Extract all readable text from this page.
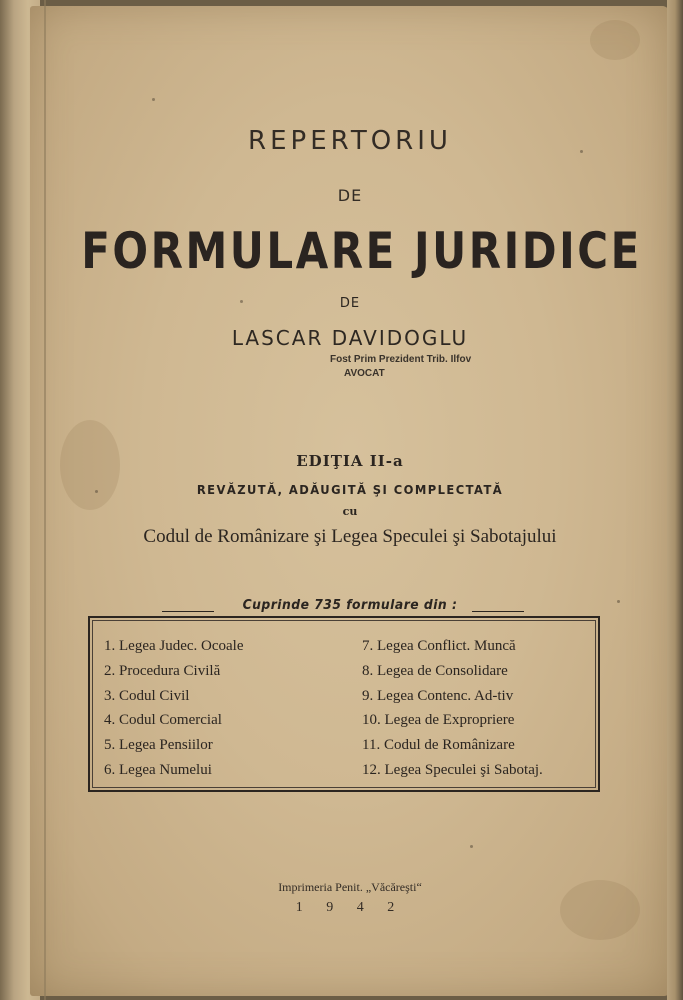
REPERTORIU
DE
FORMULARE JURIDICE
DE
LASCAR DAVIDOGLU
Fost Prim Prezident Trib. Ilfov
AVOCAT
EDIŢIA II-a
REVĂZUTĂ, ADĂUGITĂ ŞI COMPLECTATĂ
cu
Codul de Românizare şi Legea Speculei şi Sabotajului
Cuprinde 735 formulare din :
1. Legea Judec. Ocoale
2. Procedura Civilă
3. Codul Civil
4. Codul Comercial
5. Legea Pensiilor
6. Legea Numelui
7. Legea Conflict. Muncă
8. Legea de Consolidare
9. Legea Contenc. Ad-tiv
10. Legea de Expropriere
11. Codul de Românizare
12. Legea Speculei şi Sabotaj.
Imprimeria Penit. „Văcăreşti“
1 9 4 2
